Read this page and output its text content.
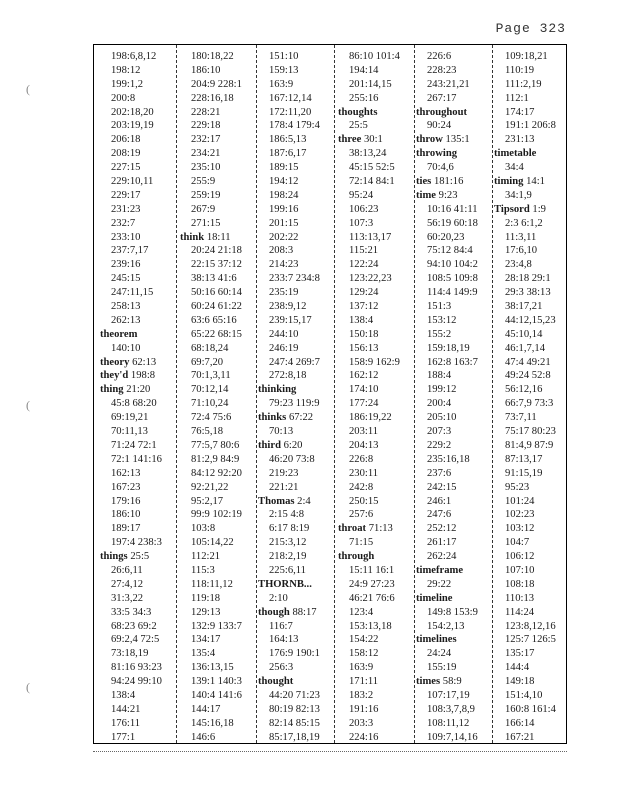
Page 323
(
(
(
198:6,8,12
198:12
199:1,2
200:8
202:18,20
203:19,19
206:18
208:19
227:15
229:10,11
229:17
231:23
232:7
233:10
237:7,17
239:16
245:15
247:11,15
258:13
262:13
theorem
140:10
theory 62:13
they'd 198:8
thing 21:20
45:8 68:20
69:19,21
70:11,13
71:24 72:1
72:1 141:16
162:13
167:23
179:16
186:10
189:17
197:4 238:3
things 25:5
26:6,11
27:4,12
31:3,22
33:5 34:3
68:23 69:2
69:2,4 72:5
73:18,19
81:16 93:23
94:24 99:10
138:4
144:21
176:11
177:1
180:18,22
186:10
204:9 228:1
228:16,18
228:21
229:18
232:17
234:21
235:10
255:9
259:19
267:9
271:15
think 18:11
20:24 21:18
22:15 37:12
38:13 41:6
50:16 60:14
60:24 61:22
63:6 65:16
65:22 68:15
68:18,24
69:7,20
70:1,3,11
70:12,14
71:10,24
72:4 75:6
76:5,18
77:5,7 80:6
81:2,9 84:9
84:12 92:20
92:21,22
95:2,17
99:9 102:19
103:8
105:14,22
112:21
115:3
118:11,12
119:18
129:13
132:9 133:7
134:17
135:4
136:13,15
139:1 140:3
140:4 141:6
144:17
145:16,18
146:6
151:10
159:13
163:9
167:12,14
172:11,20
178:4 179:4
186:5,13
187:6,17
189:15
194:12
198:24
199:16
201:15
202:22
208:3
214:23
233:7 234:8
235:19
238:9,12
239:15,17
244:10
246:19
247:4 269:7
272:8,18
thinking
79:23 119:9
thinks 67:22
70:13
third 6:20
46:20 73:8
219:23
221:21
Thomas 2:4
2:15 4:8
6:17 8:19
215:3,12
218:2,19
225:6,11
THORNB...
2:10
though 88:17
116:7
164:13
176:9 190:1
256:3
thought
44:20 71:23
80:19 82:13
82:14 85:15
85:17,18,19
86:10 101:4
194:14
201:14,15
255:16
thoughts
25:5
three 30:1
38:13,24
45:15 52:5
72:14 84:1
95:24
106:23
107:3
113:13,17
115:21
122:24
123:22,23
129:24
137:12
138:4
150:18
156:13
158:9 162:9
162:12
174:10
177:24
186:19,22
203:11
204:13
226:8
230:11
242:8
250:15
257:6
throat 71:13
71:15
through
15:11 16:1
24:9 27:23
46:21 76:6
123:4
153:13,18
154:22
158:12
163:9
171:11
183:2
191:16
203:3
224:16
226:6
228:23
243:21,21
267:17
throughout
90:24
throw 135:1
throwing
70:4,6
ties 181:16
time 9:23
10:16 41:11
56:19 60:18
60:20,23
75:12 84:4
94:10 104:2
108:5 109:8
114:4 149:9
151:3
153:12
155:2
159:18,19
162:8 163:7
188:4
199:12
200:4
205:10
207:3
229:2
235:16,18
237:6
242:15
246:1
247:6
252:12
261:17
262:24
timeframe
29:22
timeline
149:8 153:9
154:2,13
timelines
24:24
155:19
times 58:9
107:17,19
108:3,7,8,9
108:11,12
109:7,14,16
109:18,21
110:19
111:2,19
112:1
174:17
191:1 206:8
231:13
timetable
34:4
timing 14:1
34:1,9
Tipsord 1:9
2:3 6:1,2
11:3,11
17:6,10
23:4,8
28:18 29:1
29:3 38:13
38:17,21
44:12,15,23
45:10,14
46:1,7,14
47:4 49:21
49:24 52:8
56:12,16
66:7,9 73:3
73:7,11
75:17 80:23
81:4,9 87:9
87:13,17
91:15,19
95:23
101:24
102:23
103:12
104:7
106:12
107:10
108:18
110:13
114:24
123:8,12,16
125:7 126:5
135:17
144:4
149:18
151:4,10
160:8 161:4
166:14
167:21
